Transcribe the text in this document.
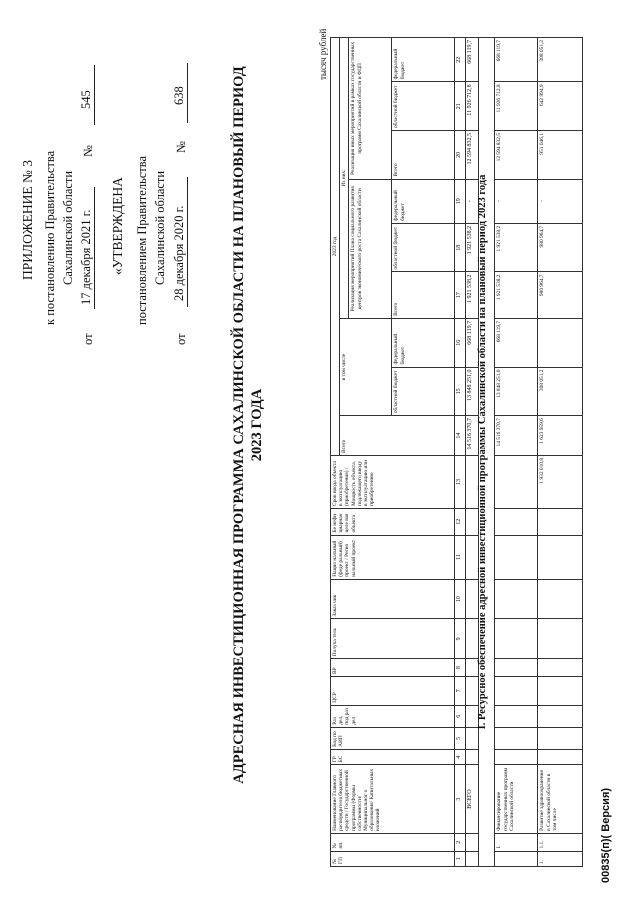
ПРИЛОЖЕНИЕ № 3 к постановлению Правительства Сахалинской области
от
17 декабря 2021 г.
№
545
«УТВЕРЖДЕНА постановлением Правительства Сахалинской области
от
28 декабря 2020 г.
№
638	АДРЕСНАЯ ИНВЕСТИЦИОННАЯ ПРОГРАММА САХАЛИНСКОЙ ОБЛАСТИ НА ПЛАНОВЫЙ ПЕРИОД 2023 ГОДА
тысяч рублей
№ ГП	№ пп.	Наименование Главного распорядителя бюджетных средств / Государственной программы (Формы собственности/ Муниципальног о образования/ Капитальных вложений	ГР БС	Код по АИП	Раз дел, под раз дел	ЦСР	ВР	Получа тель	Заказ чик	Нацио нальный (феде ральный) проект / Регио нальный проект	Бе нефи циарная целе вая объекта	Срок ввода объекта в эксплуатацию (приобретения) / Мощность объекта, подлежащего вводу в эксплуатацию или приобретению	2023 год								
													Всего	в том числе		Из них:					
																Реализация мероприятий Плана социального развития центров экономического роста Сахалинской области			Реализация иных мероприятий в рамках государственных программ Сахалинской области и ФЦП		
														областной бюджет	федеральный бюджет	Всего	областной бюджет	федеральный бюджет	Всего	областной бюджет	федеральный бюджет
1	2	3	4	5	6	7	8	9	10	11	12	13	14	15	16	17	18	19	20	21	22
		ВСЕГО											14 516 370,7	13 848 251,0	668 119,7	1 921 538,2	1 921 538,2	-	12 594 832,5	11 926 712,8	668 119,7
I. Ресурсное обеспечение адресной инвестиционной программы Сахалинской области на плановый период 2023 года																					
	I.	Финансирование государственных программ Сахалинской области											14 516 370,7	13 848 251,0	668 119,7	1 921 538,2	1 921 538,2	-	12 594 832,5	11 926 712,8	668 119,7
1.	1.1.	Развитие здравоохранения в Сахалинской области в том числе										1 932 010,8	1 623 959,6	308 051,2		980 964,7	980 964,7	-	951 046,1	642 994,9	308 051,2
00835(п)( Версия)
